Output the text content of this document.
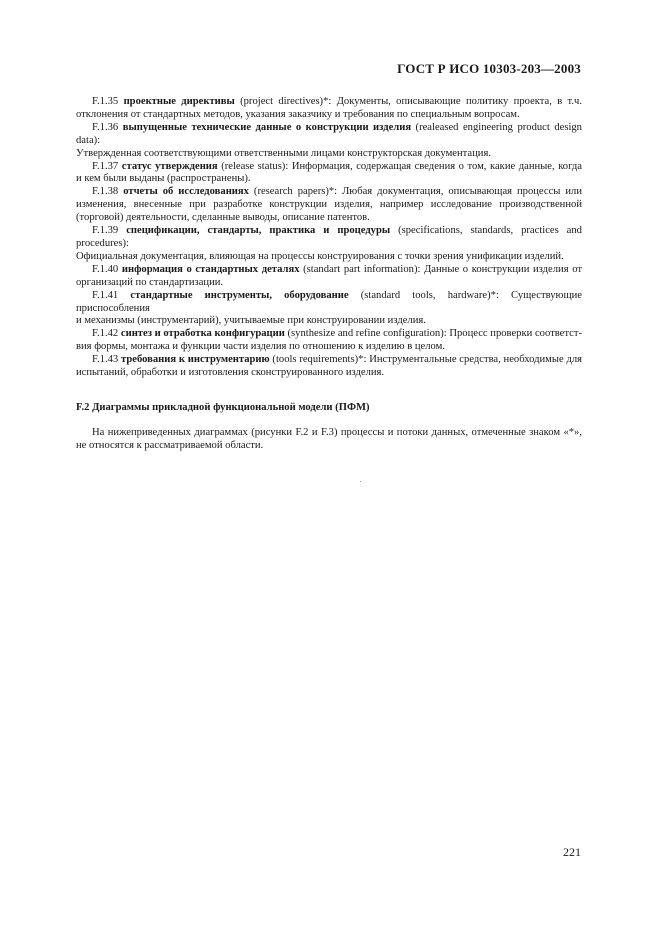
ГОСТ Р ИСО 10303-203—2003

F.1.35 проектные директивы (project directives)*: Документы, описывающие политику проекта, в т.ч.
отклонения от стандартных методов, указания заказчику и требования по специальным вопросам.

F.1.36 выпущенные технические данные о конструкции изделия (realeased engineering product design data):
Утвержденная соответствующими ответственными лицами конструкторская документация.

F.1.37 статус утверждения (release status): Информация, содержащая сведения о том, какие данные, когда
и кем были выданы (распространены).

F.1.38 отчеты об исследованиях (research papers)*: Любая документация, описывающая процессы или
изменения, внесенные при разработке конструкции изделия, например исследование производственной (торговой) деятельности, сделанные выводы, описание патентов.

F.1.39 спецификации, стандарты, практика и процедуры (specifications, standards, practices and procedures):
Официальная документация, влияющая на процессы конструирования с точки зрения унификации изделий.

F.1.40 информация о стандартных деталях (standart part information): Данные о конструкции изделия от
организаций по стандартизации.

F.1.41 стандартные инструменты, оборудование (standard tools, hardware)*: Существующие приспособления
и механизмы (инструментарий), учитываемые при конструировании изделия.

F.1.42 синтез и отработка конфигурации (synthesize and refine configuration): Процесс проверки соответст-
вия формы, монтажа и функции части изделия по отношению к изделию в целом.

F.1.43 требования к инструментарию (tools requirements)*: Инструментальные средства, необходимые для
испытаний, обработки и изготовления сконструированного изделия.

F.2 Диаграммы прикладной функциональной модели (ПФМ)

На нижеприведенных диаграммах (рисунки F.2 и F.3) процессы и потоки данных, отмеченные знаком «*»,
не относятся к рассматриваемой области.

221
